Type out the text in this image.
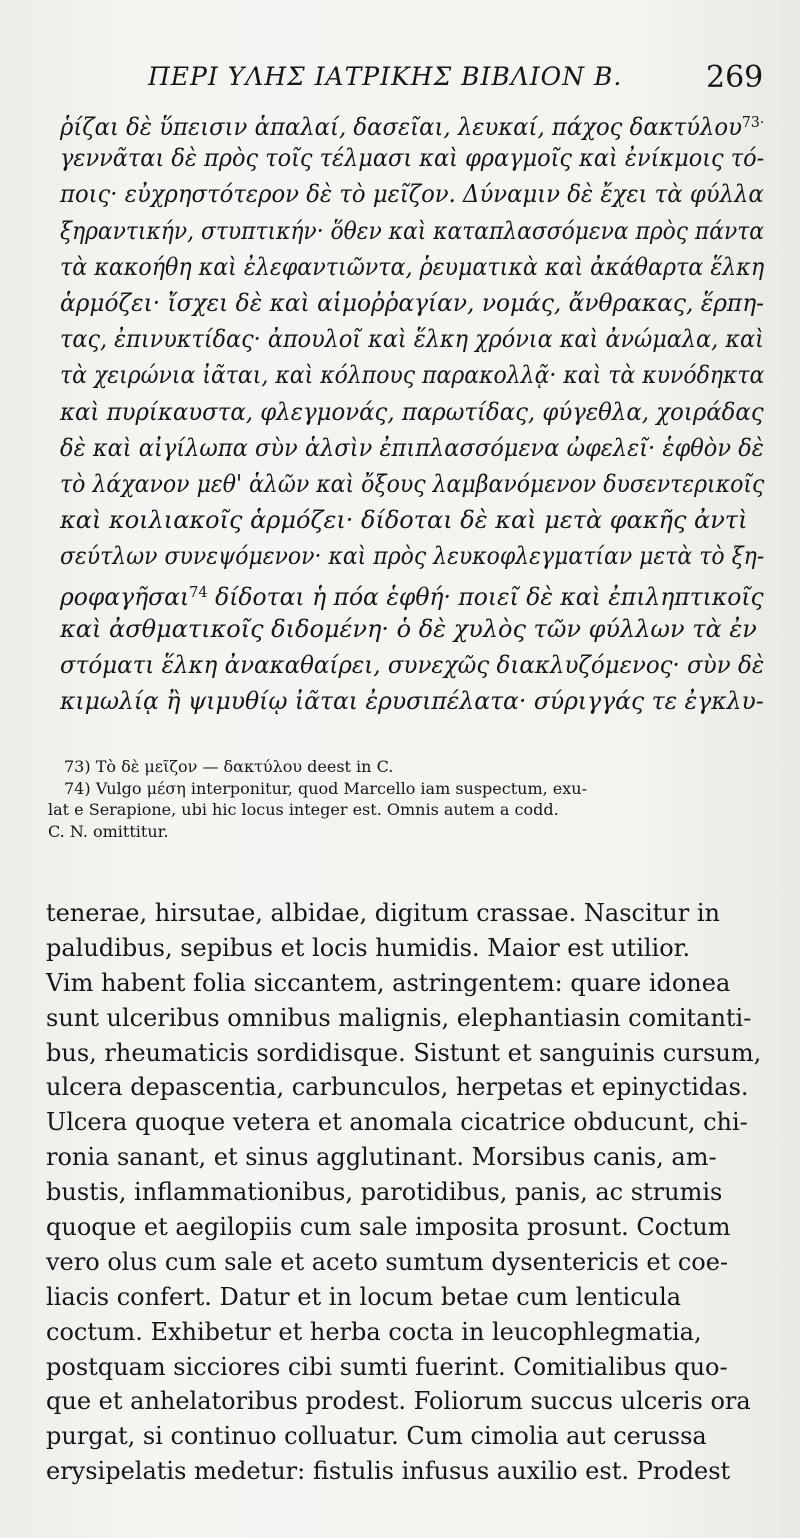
ΠΕΡΙ ΥΛΗΣ ΙΑΤΡΙΚΗΣ ΒΙΒΛΙΟΝ Β.	269
ῥίζαι δὲ ὕπεισιν ἁπαλαί, δασεῖαι, λευκαί, πάχος δακτύλου$^{73\cdot}$
γεννᾶται δὲ πρὸς τοῖς τέλμασι καὶ φραγμοῖς καὶ ἐνίκμοις τό-
ποις· εὐχρηστότερον δὲ τὸ μεῖζον. Δύναμιν δὲ ἔχει τὰ φύλλα
ξηραντικήν, στυπτικήν· ὅθεν καὶ καταπλασσόμενα πρὸς πάντα
τὰ κακοήθη καὶ ἐλεφαντιῶντα, ῥευματικὰ καὶ ἀκάθαρτα ἕλκη
ἁρμόζει· ἴσχει δὲ καὶ αἱμοῤῥαγίαν, νομάς, ἄνθρακας, ἕρπη-
τας, ἐπινυκτίδας· ἀπουλοῖ καὶ ἕλκη χρόνια καὶ ἀνώμαλα, καὶ
τὰ χειρώνια ἰᾶται, καὶ κόλπους παρακολλᾷ· καὶ τὰ κυνόδηκτα
καὶ πυρίκαυστα, φλεγμονάς, παρωτίδας, φύγεθλα, χοιράδας
δὲ καὶ αἰγίλωπα σὺν ἁλσὶν ἐπιπλασσόμενα ὠφελεῖ· ἑφθὸν δὲ
τὸ λάχανον μεθ' ἁλῶν καὶ ὄξους λαμβανόμενον δυσεντερικοῖς
καὶ κοιλιακοῖς ἁρμόζει· δίδοται δὲ καὶ μετὰ φακῆς ἀντὶ
σεύτλων συνεψόμενον· καὶ πρὸς λευκοφλεγματίαν μετὰ τὸ ξη-
ροφαγῆσαι$^{74}$ δίδοται ἡ πόα ἑφθή· ποιεῖ δὲ καὶ ἐπιληπτικοῖς
καὶ ἀσθματικοῖς διδομένη· ὁ δὲ χυλὸς τῶν φύλλων τὰ ἐν
στόματι ἕλκη ἀνακαθαίρει, συνεχῶς διακλυζόμενος· σὺν δὲ
κιμωλίᾳ ἢ ψιμυθίῳ ἰᾶται ἐρυσιπέλατα· σύριγγάς τε ἐγκλυ-
73) Τὸ δὲ μεῖζον — δακτύλου deest in C.
74) Vulgo μέση interponitur, quod Marcello iam suspectum, exu-
lat e Serapione, ubi hic locus integer est. Omnis autem a codd.
C. N. omittitur.
tenerae, hirsutae, albidae, digitum crassae. Nascitur in
paludibus, sepibus et locis humidis. Maior est utilior.
Vim habent folia siccantem, astringentem: quare idonea
sunt ulceribus omnibus malignis, elephantiasin comitanti-
bus, rheumaticis sordidisque. Sistunt et sanguinis cursum,
ulcera depascentia, carbunculos, herpetas et epinyctidas.
Ulcera quoque vetera et anomala cicatrice obducunt, chi-
ronia sanant, et sinus agglutinant. Morsibus canis, am-
bustis, inflammationibus, parotidibus, panis, ac strumis
quoque et aegilopiis cum sale imposita prosunt. Coctum
vero olus cum sale et aceto sumtum dysentericis et coe-
liacis confert. Datur et in locum betae cum lenticula
coctum. Exhibetur et herba cocta in leucophlegmatia,
postquam sicciores cibi sumti fuerint. Comitialibus quo-
que et anhelatoribus prodest. Foliorum succus ulceris ora
purgat, si continuo colluatur. Cum cimolia aut cerussa
erysipelatis medetur: fistulis infusus auxilio est. Prodest
